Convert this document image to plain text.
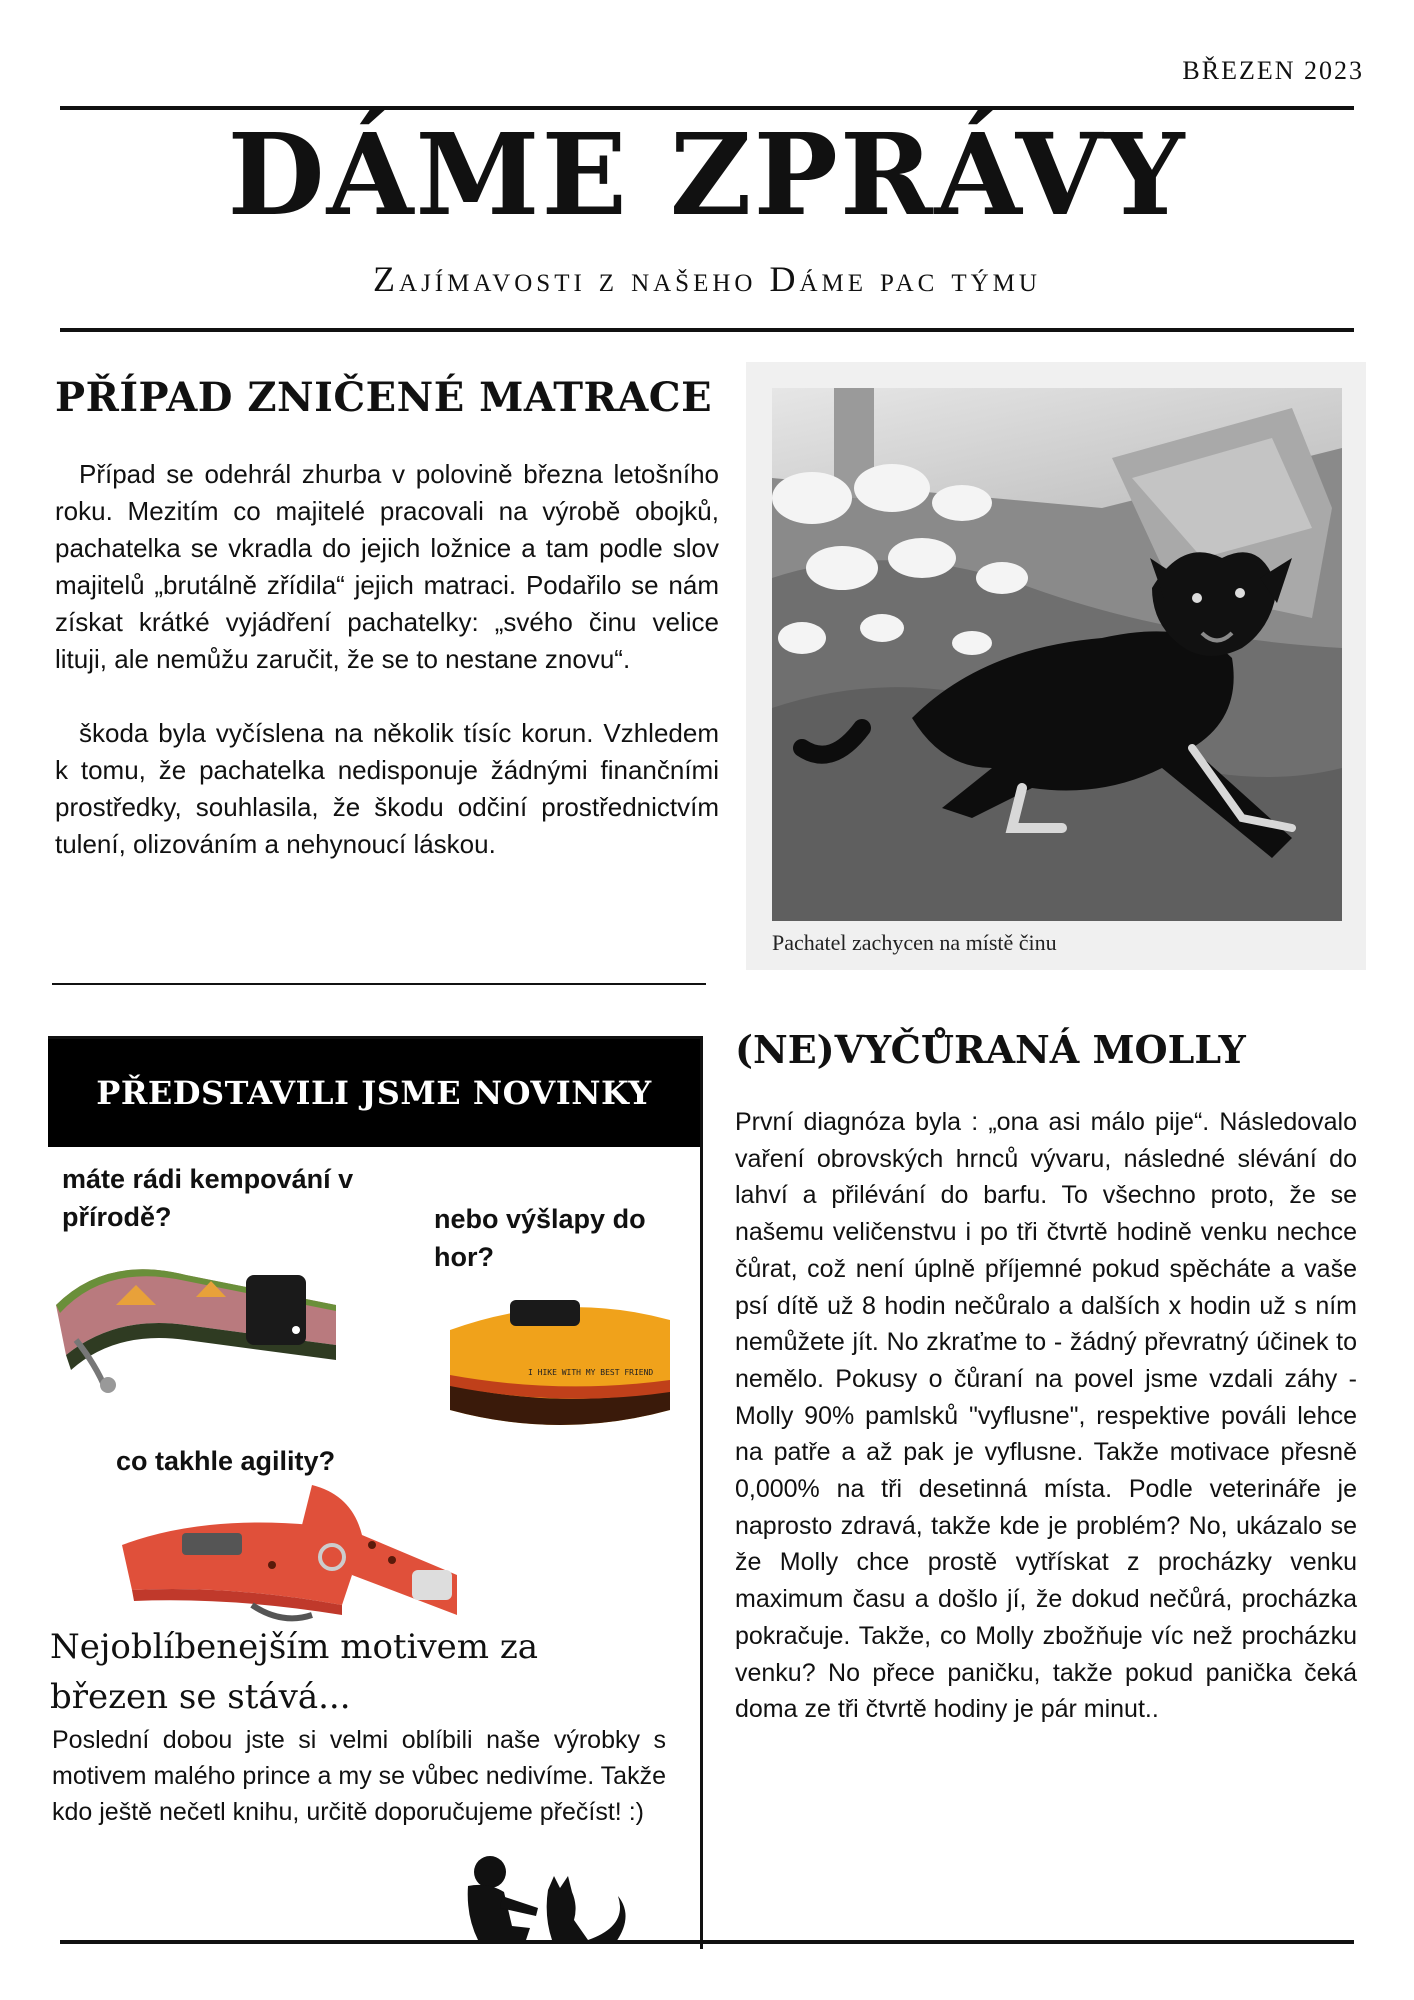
BŘEZEN 2023
DÁME ZPRÁVY
Zajímavosti z našeho Dáme pac týmu
PŘÍPAD ZNIČENÉ MATRACE

Případ se odehrál zhurba v polovině března letošního roku. Mezitím co majitelé pracovali na výrobě obojků, pachatelka se vkradla do jejich ložnice a tam podle slov majitelů „brutálně zřídila“ jejich matraci. Podařilo se nám získat krátké vyjádření pachatelky: „svého činu velice lituji, ale nemůžu zaručit, že se to nestane znovu“.

škoda byla vyčíslena na několik tísíc korun. Vzhledem k tomu, že pachatelka nedisponuje žádnými finančními prostředky, souhlasila, že škodu odčiní prostřednictvím tulení, olizováním a nehynoucí láskou.

Pachatel zachycen na místě činu
PŘEDSTAVILI JSME NOVINKY
máte rádi kempování v přírodě?	nebo výšlapy do hor?
I HIKE WITH MY BEST FRIEND
co takhle agility?
Nejoblíbenejším motivem za březen se stává...

Poslední dobou jste si velmi oblíbili naše výrobky s motivem malého prince a my se vůbec nedivíme. Takže kdo ještě nečetl knihu, určitě doporučujeme přečíst! :)

(NE)VYČŮRANÁ MOLLY

První diagnóza byla : „ona asi málo pije“. Následovalo vaření obrovských hrnců vývaru, následné slévání do lahví a přilévání do barfu. To všechno proto, že se našemu veličenstvu i po tři čtvrtě hodině venku nechce čůrat, což není úplně příjemné pokud spěcháte a vaše psí dítě už 8 hodin nečůralo a dalších x hodin už s ním nemůžete jít. No zkraťme to - žádný převratný účinek to nemělo. Pokusy o čůraní na povel jsme vzdali záhy - Molly 90% pamlsků "vyflusne", respektive pováli lehce na patře a až pak je vyflusne. Takže motivace přesně 0,000% na tři desetinná místa. Podle veterináře je naprosto zdravá, takže kde je problém? No, ukázalo se že Molly chce prostě vytřískat z procházky venku maximum času a došlo jí, že dokud nečůrá, procházka pokračuje. Takže, co Molly zbožňuje víc než procházku venku? No přece paničku, takže pokud panička čeká doma ze tři čtvrtě hodiny je pár minut..
